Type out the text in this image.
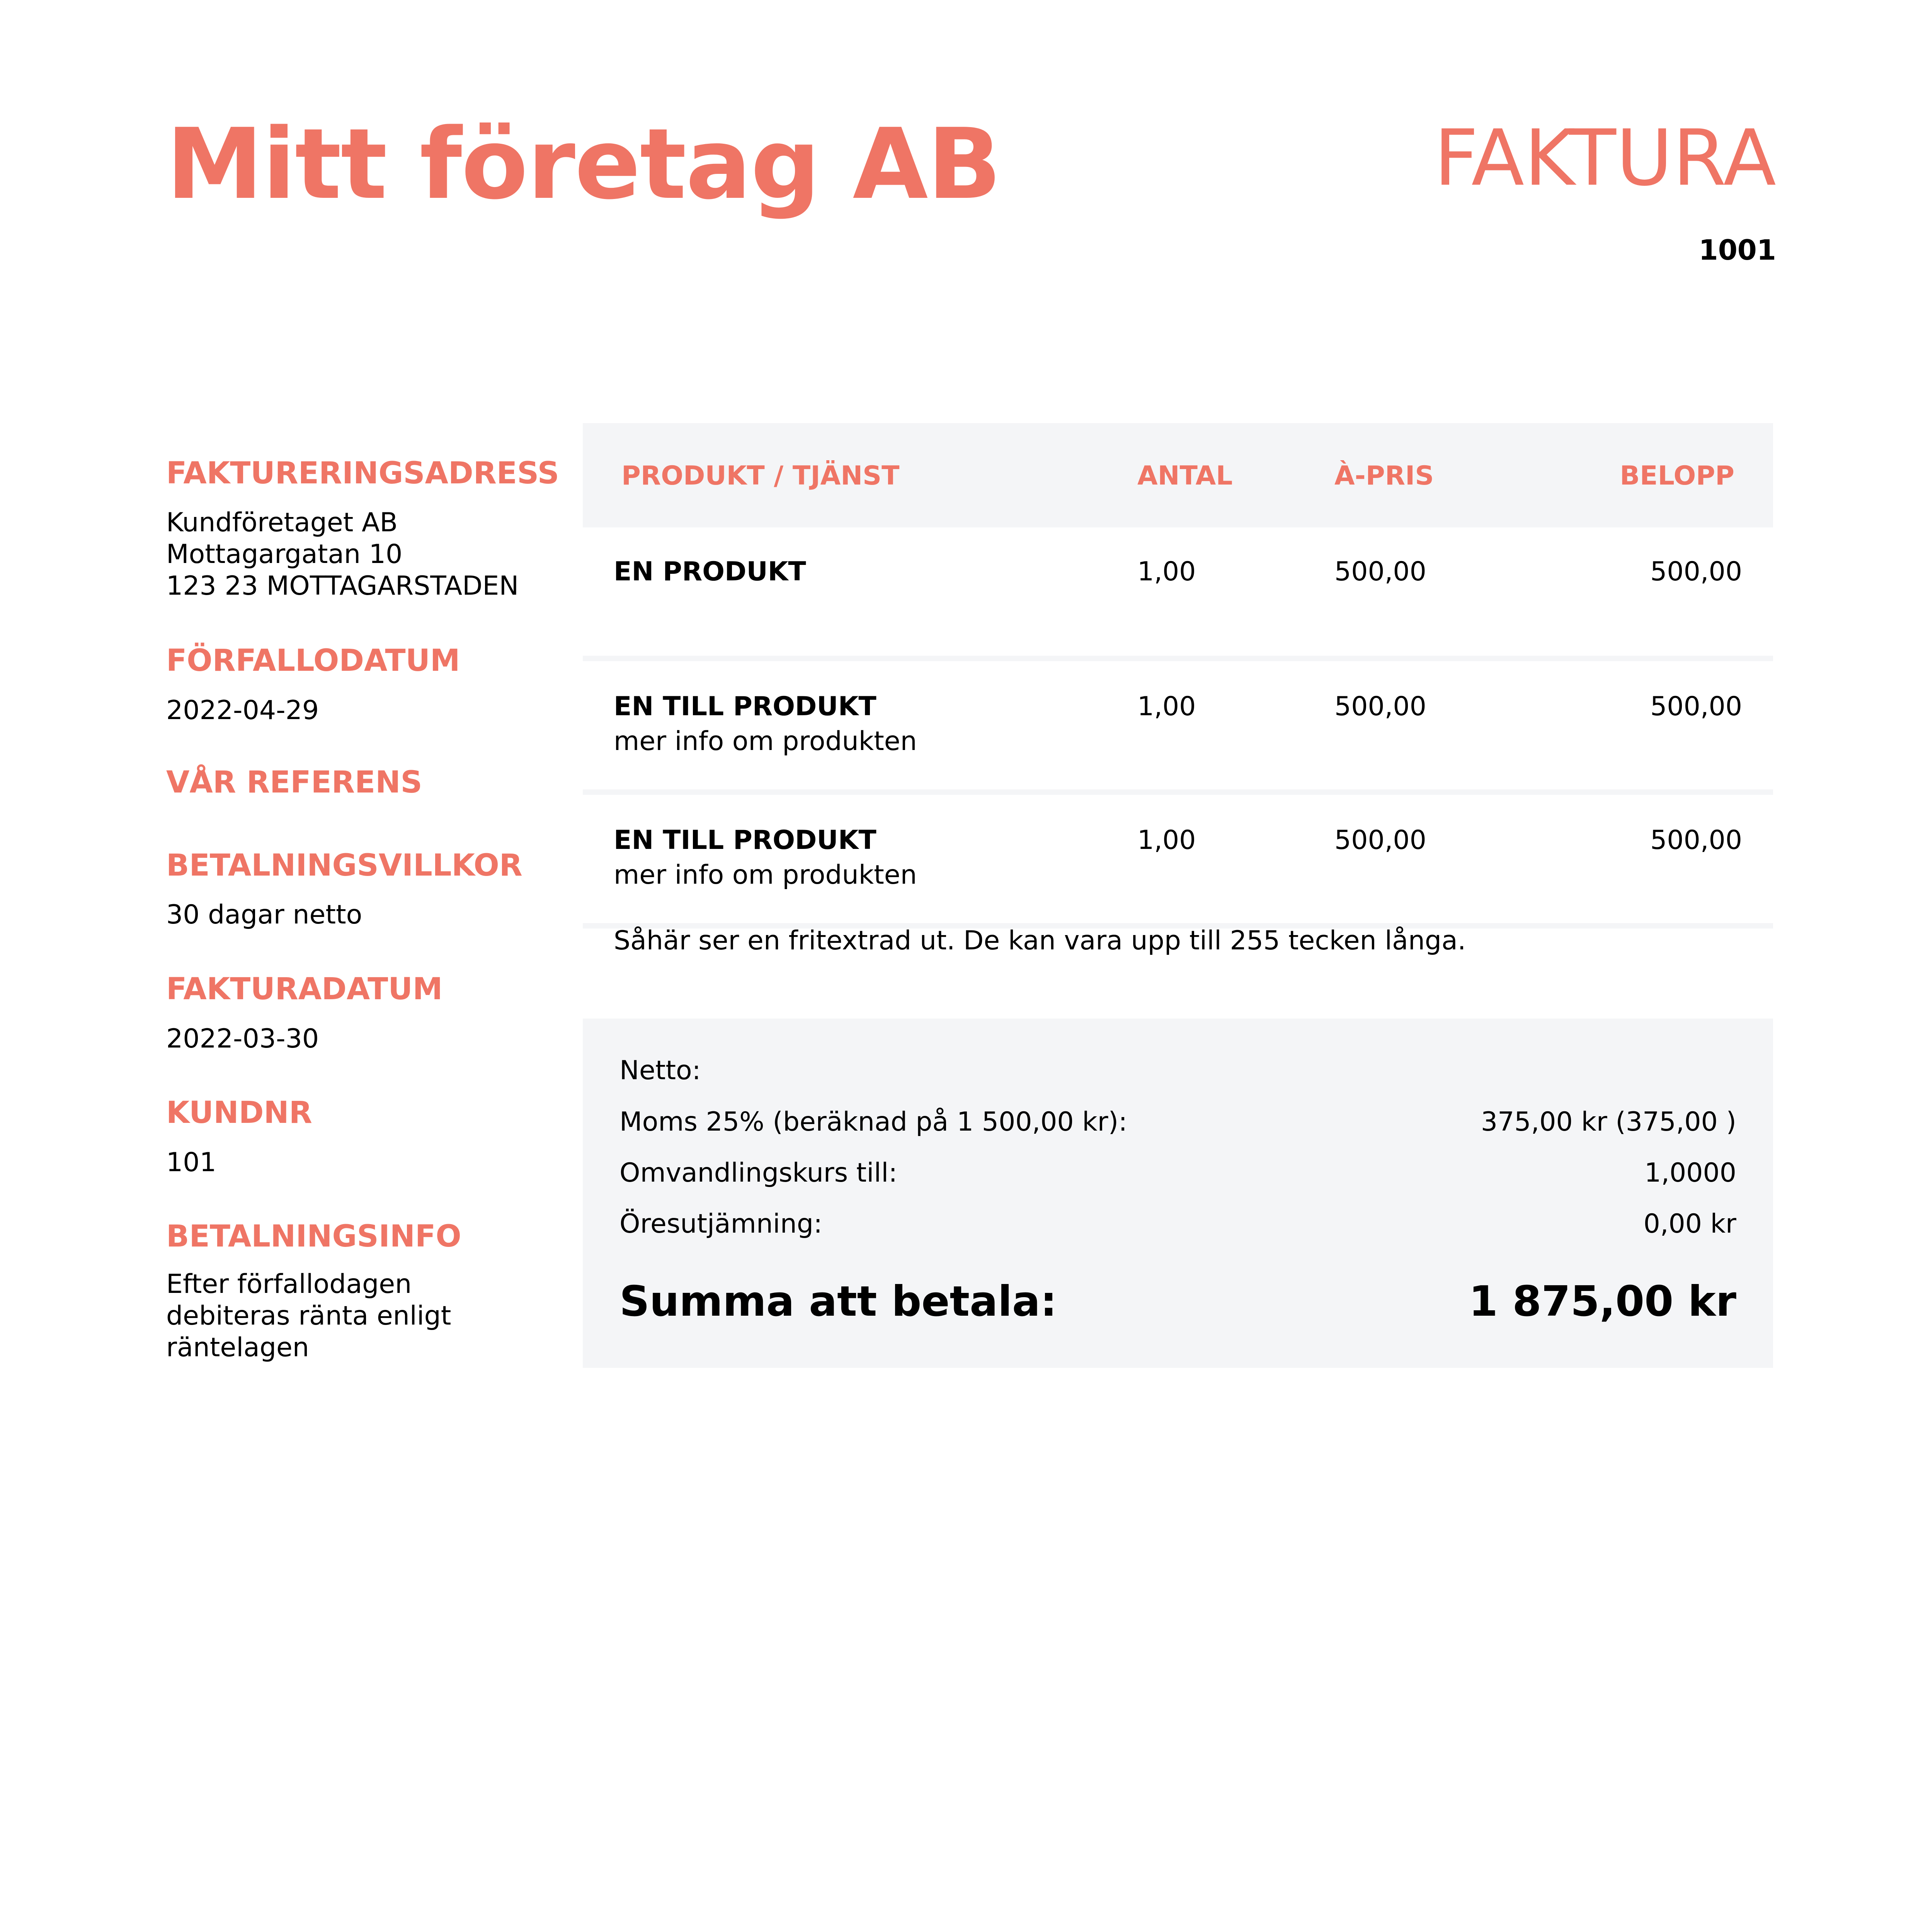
Mitt företag AB	FAKTURA
1001
FAKTURERINGSADRESS
Kundföretaget AB
Mottagargatan 10
123 23 MOTTAGARSTADEN
FÖRFALLODATUM
2022-04-29
VÅR REFERENS
BETALNINGSVILLKOR
30 dagar netto
FAKTURADATUM
2022-03-30
KUNDNR
101
BETALNINGSINFO
Efter förfallodagen
debiteras ränta enligt
räntelagen
PRODUKT / TJÄNST	ANTAL	À-PRIS	BELOPP
EN PRODUKT	1,00	500,00	500,00
EN TILL PRODUKT
mer info om produkten
1,00	500,00	500,00
EN TILL PRODUKT
mer info om produkten
1,00	500,00	500,00
Såhär ser en fritextrad ut. De kan vara upp till 255 tecken långa.
Netto:
Moms 25% (beräknad på 1 500,00 kr):	375,00 kr (375,00 )
Omvandlingskurs till:	1,0000
Öresutjämning:	0,00 kr
Summa att betala:	1 875,00 kr
